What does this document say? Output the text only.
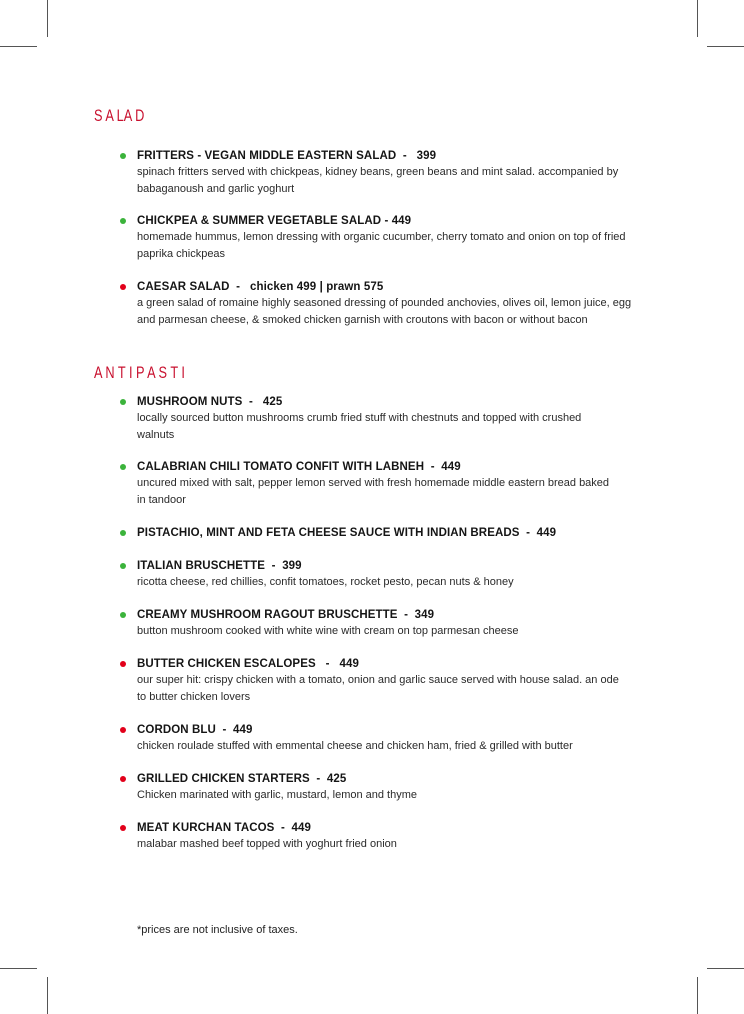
S A LA D
FRITTERS - VEGAN MIDDLE EASTERN SALAD  -   399
spinach fritters served with chickpeas, kidney beans, green beans and mint salad. accompanied by babaganoush and garlic yoghurt
CHICKPEA & SUMMER VEGETABLE SALAD - 449
homemade hummus, lemon dressing with organic cucumber, cherry tomato and onion on top of fried paprika chickpeas
CAESAR SALAD  -   chicken 499 | prawn 575
a green salad of romaine highly seasoned dressing of pounded anchovies, olives oil, lemon juice, egg and parmesan cheese, & smoked chicken garnish with croutons with bacon or without bacon
A N T I P A S T I
MUSHROOM NUTS  -   425
locally sourced button mushrooms crumb fried stuff with chestnuts and topped with crushed walnuts
CALABRIAN CHILI TOMATO CONFIT WITH LABNEH  -  449
uncured mixed with salt, pepper lemon served with fresh homemade middle eastern bread baked in tandoor
PISTACHIO, MINT AND FETA CHEESE SAUCE WITH INDIAN BREADS  -  449
ITALIAN BRUSCHETTE  -  399
ricotta cheese, red chillies, confit tomatoes, rocket pesto, pecan nuts & honey
CREAMY MUSHROOM RAGOUT BRUSCHETTE  -  349
button mushroom cooked with white wine with cream on top parmesan cheese
BUTTER CHICKEN ESCALOPES   -   449
our super hit: crispy chicken with a tomato, onion and garlic sauce served with house salad. an ode to butter chicken lovers
CORDON BLU  -  449
chicken roulade stuffed with emmental cheese and chicken ham, fried & grilled with butter
GRILLED CHICKEN STARTERS  -  425
Chicken marinated with garlic, mustard, lemon and thyme
MEAT KURCHAN TACOS  -  449
malabar mashed beef topped with yoghurt fried onion
*prices are not inclusive of taxes.
